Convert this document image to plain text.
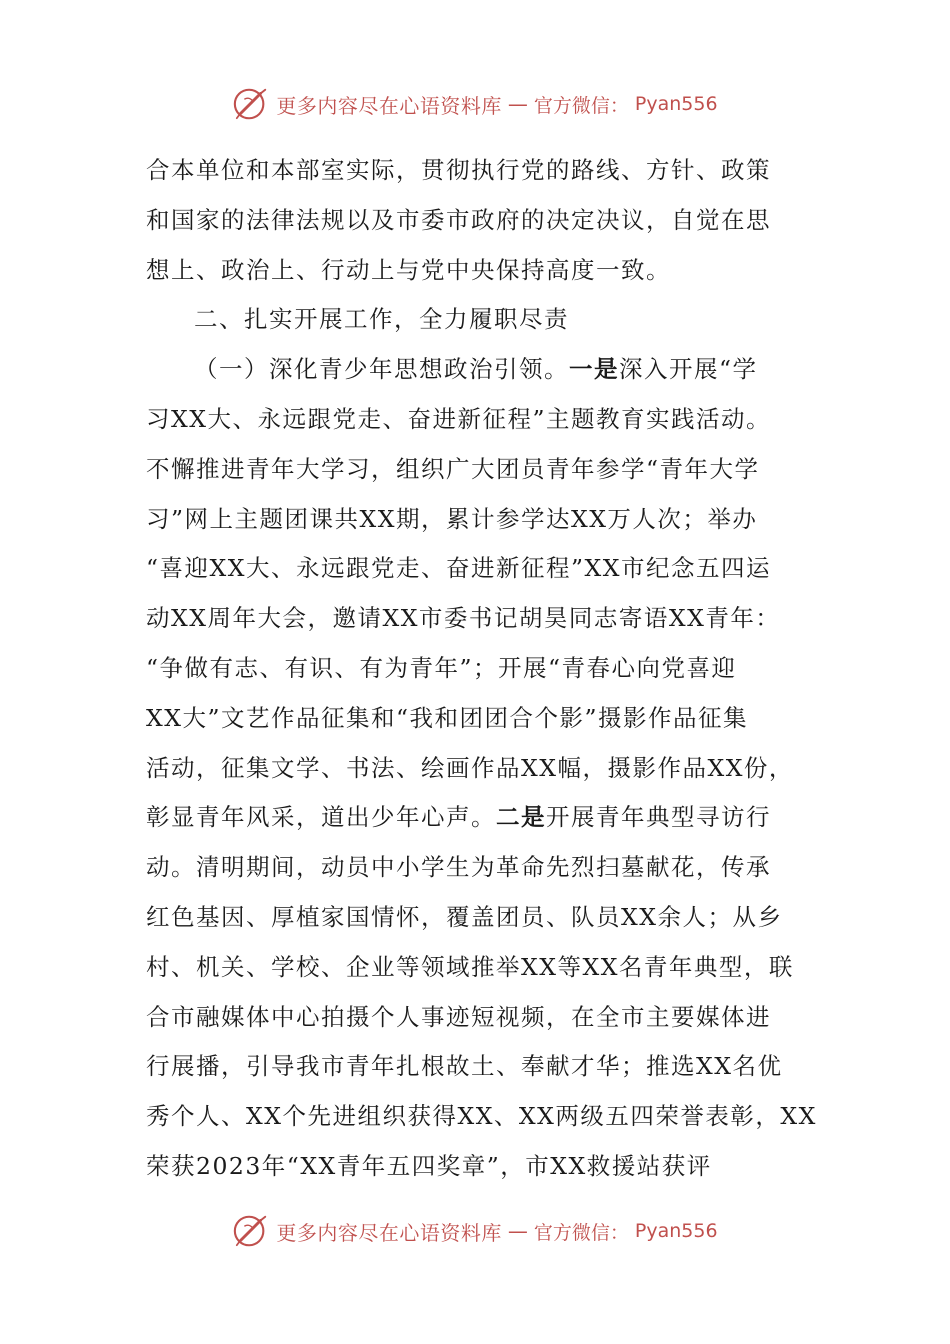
更多内容尽在心语资料库 — 官方微信： Pyan556
合本单位和本部室实际，贯彻执行党的路线、方针、政策
和国家的法律法规以及市委市政府的决定决议，自觉在思
想上、政治上、行动上与党中央保持高度一致。
二、扎实开展工作，全力履职尽责
（一）深化青少年思想政治引领。一是深入开展“学
习XX大、永远跟党走、奋进新征程”主题教育实践活动。
不懈推进青年大学习，组织广大团员青年参学“青年大学
习”网上主题团课共XX期，累计参学达XX万人次；举办
“喜迎XX大、永远跟党走、奋进新征程”XX市纪念五四运
动XX周年大会，邀请XX市委书记胡昊同志寄语XX青年：
“争做有志、有识、有为青年”；开展“青春心向党喜迎
XX大”文艺作品征集和“我和团团合个影”摄影作品征集
活动，征集文学、书法、绘画作品XX幅，摄影作品XX份，
彰显青年风采，道出少年心声。二是开展青年典型寻访行
动。清明期间，动员中小学生为革命先烈扫墓献花，传承
红色基因、厚植家国情怀，覆盖团员、队员XX余人；从乡
村、机关、学校、企业等领域推举XX等XX名青年典型，联
合市融媒体中心拍摄个人事迹短视频，在全市主要媒体进
行展播，引导我市青年扎根故土、奉献才华；推选XX名优
秀个人、XX个先进组织获得XX、XX两级五四荣誉表彰，XX
荣获2023年“XX青年五四奖章”，市XX救援站获评
更多内容尽在心语资料库 — 官方微信： Pyan556
